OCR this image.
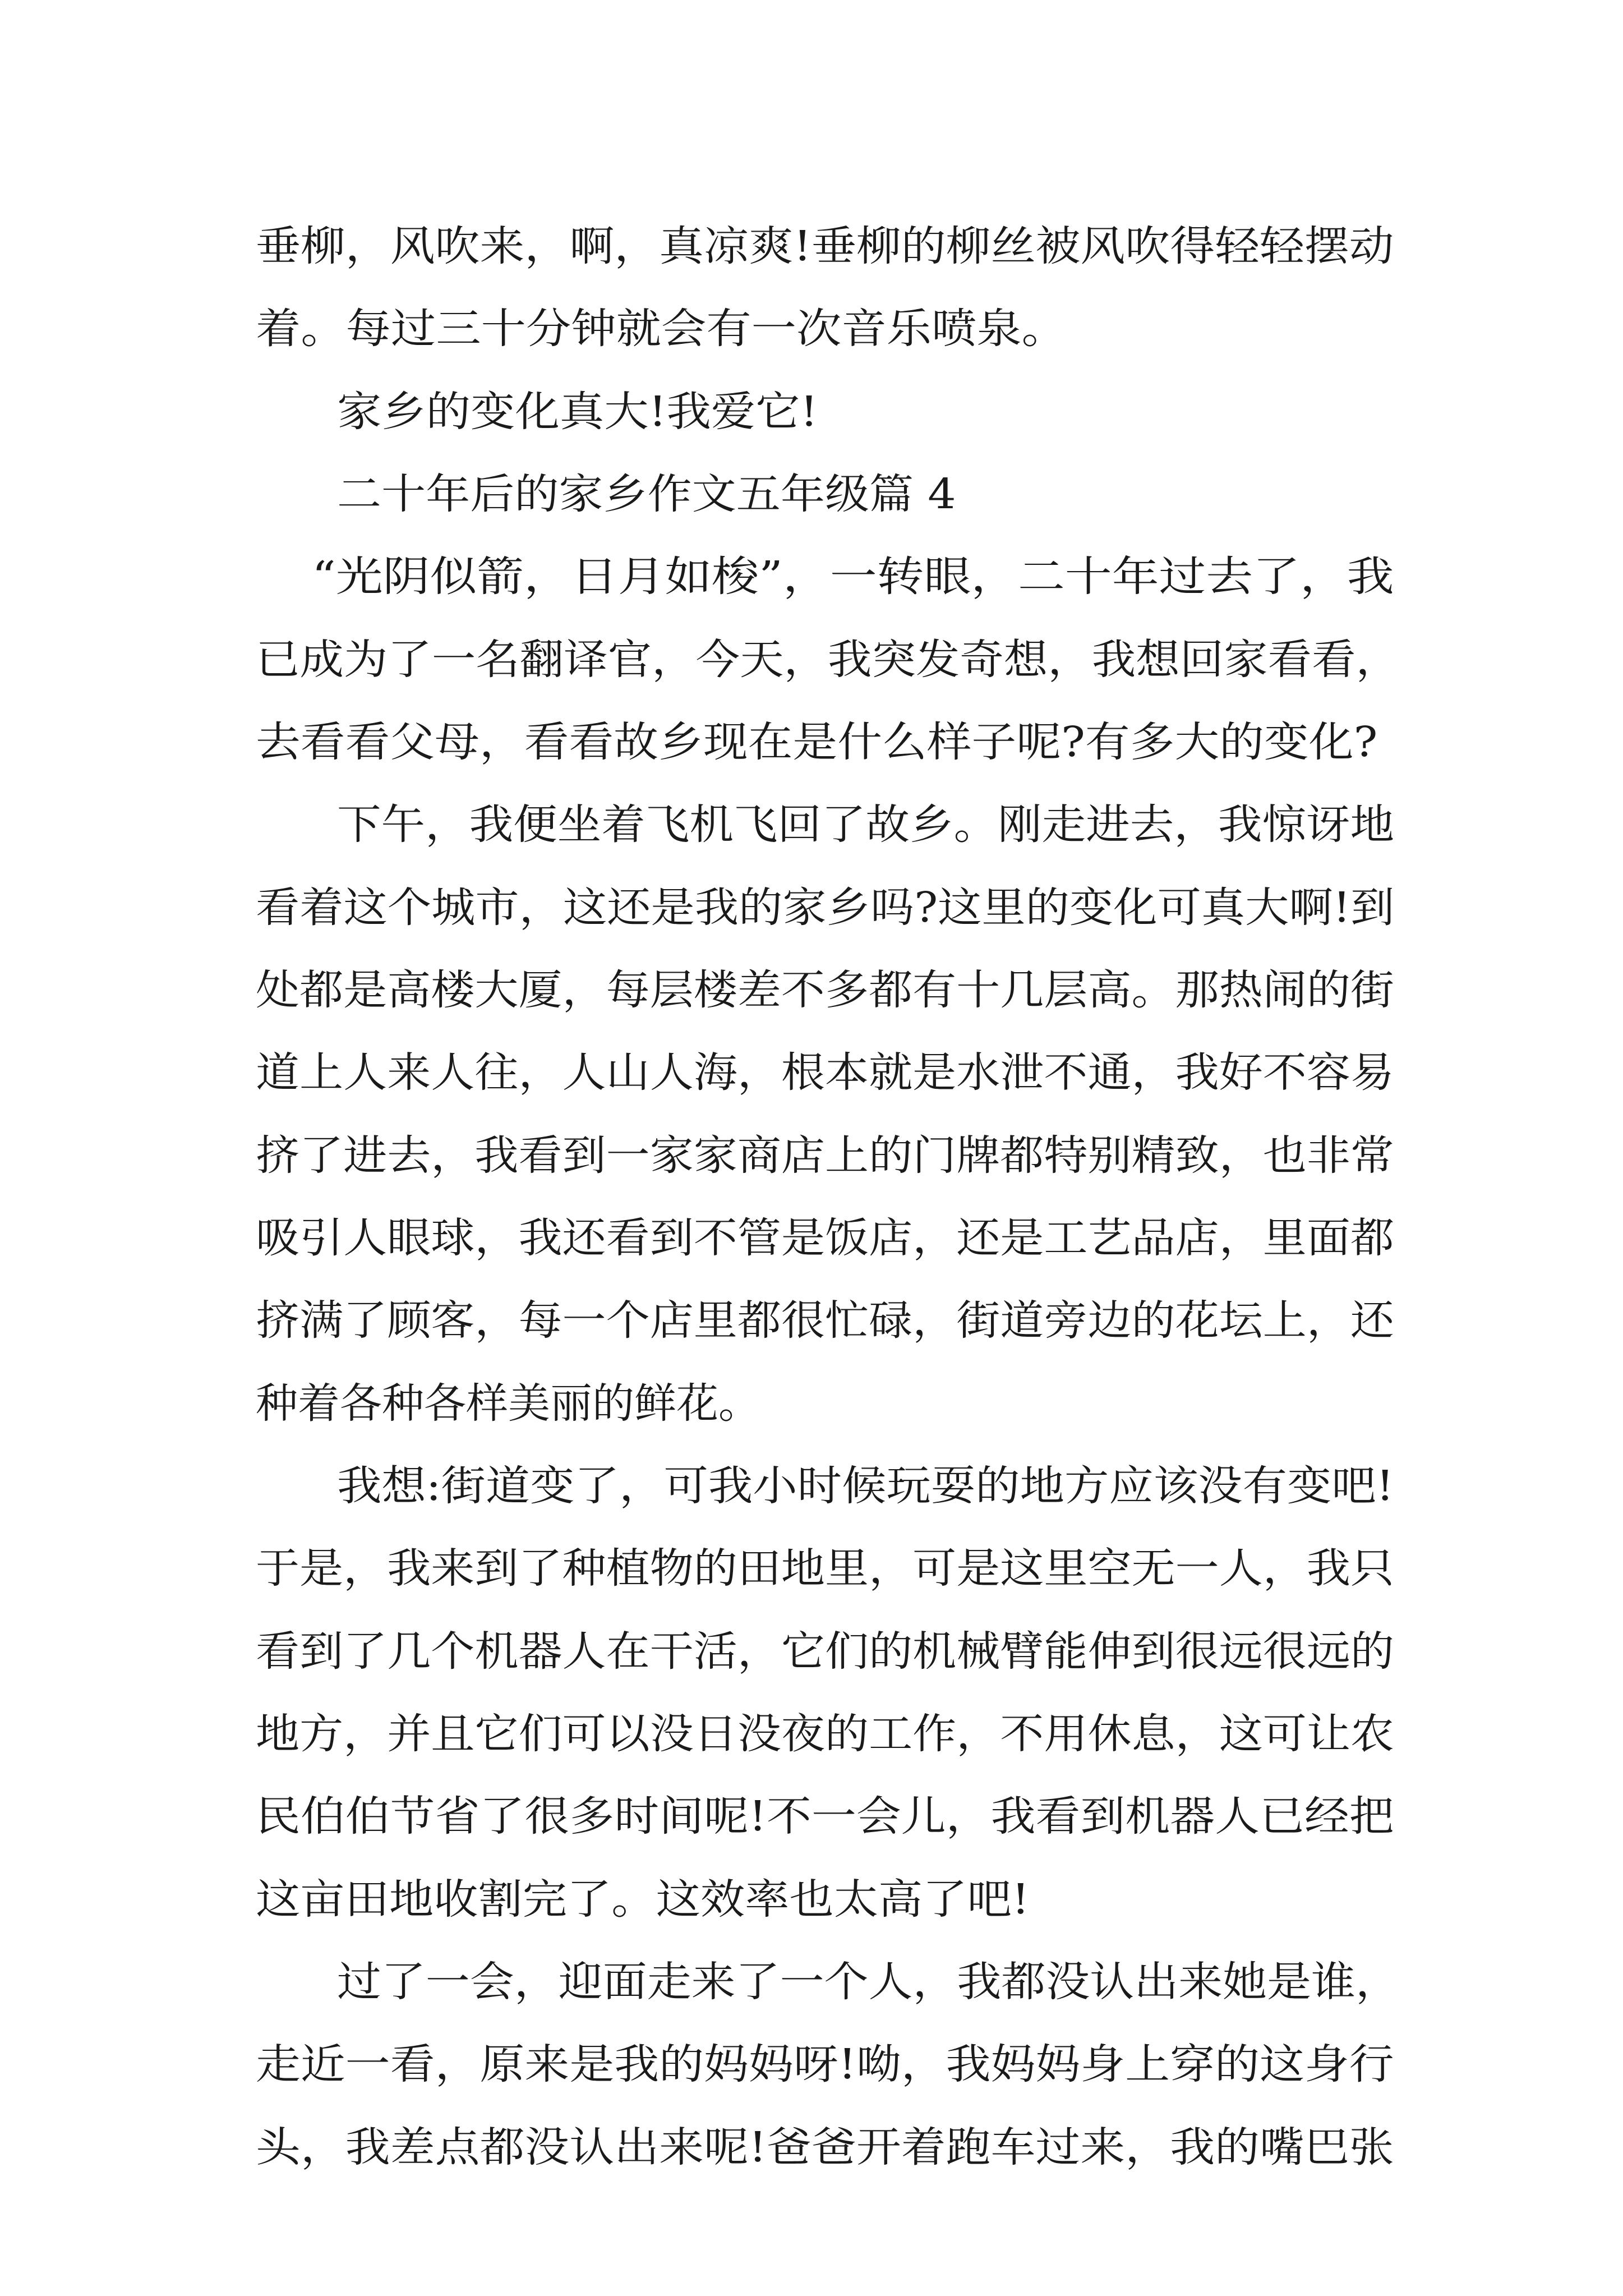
垂柳，风吹来，啊，真凉爽!垂柳的柳丝被风吹得轻轻摆动
着。每过三十分钟就会有一次音乐喷泉。
家乡的变化真大!我爱它!
二十年后的家乡作文五年级篇 4
“光阴似箭，日月如梭”，一转眼，二十年过去了，我
已成为了一名翻译官，今天，我突发奇想，我想回家看看，
去看看父母，看看故乡现在是什么样子呢?有多大的变化?
下午，我便坐着飞机飞回了故乡。刚走进去，我惊讶地
看着这个城市，这还是我的家乡吗?这里的变化可真大啊!到
处都是高楼大厦，每层楼差不多都有十几层高。那热闹的街
道上人来人往，人山人海，根本就是水泄不通，我好不容易
挤了进去，我看到一家家商店上的门牌都特别精致，也非常
吸引人眼球，我还看到不管是饭店，还是工艺品店，里面都
挤满了顾客，每一个店里都很忙碌，街道旁边的花坛上，还
种着各种各样美丽的鲜花。
我想:街道变了，可我小时候玩耍的地方应该没有变吧!
于是，我来到了种植物的田地里，可是这里空无一人，我只
看到了几个机器人在干活，它们的机械臂能伸到很远很远的
地方，并且它们可以没日没夜的工作，不用休息，这可让农
民伯伯节省了很多时间呢!不一会儿，我看到机器人已经把
这亩田地收割完了。这效率也太高了吧!
过了一会，迎面走来了一个人，我都没认出来她是谁，
走近一看，原来是我的妈妈呀!呦，我妈妈身上穿的这身行
头，我差点都没认出来呢!爸爸开着跑车过来，我的嘴巴张
